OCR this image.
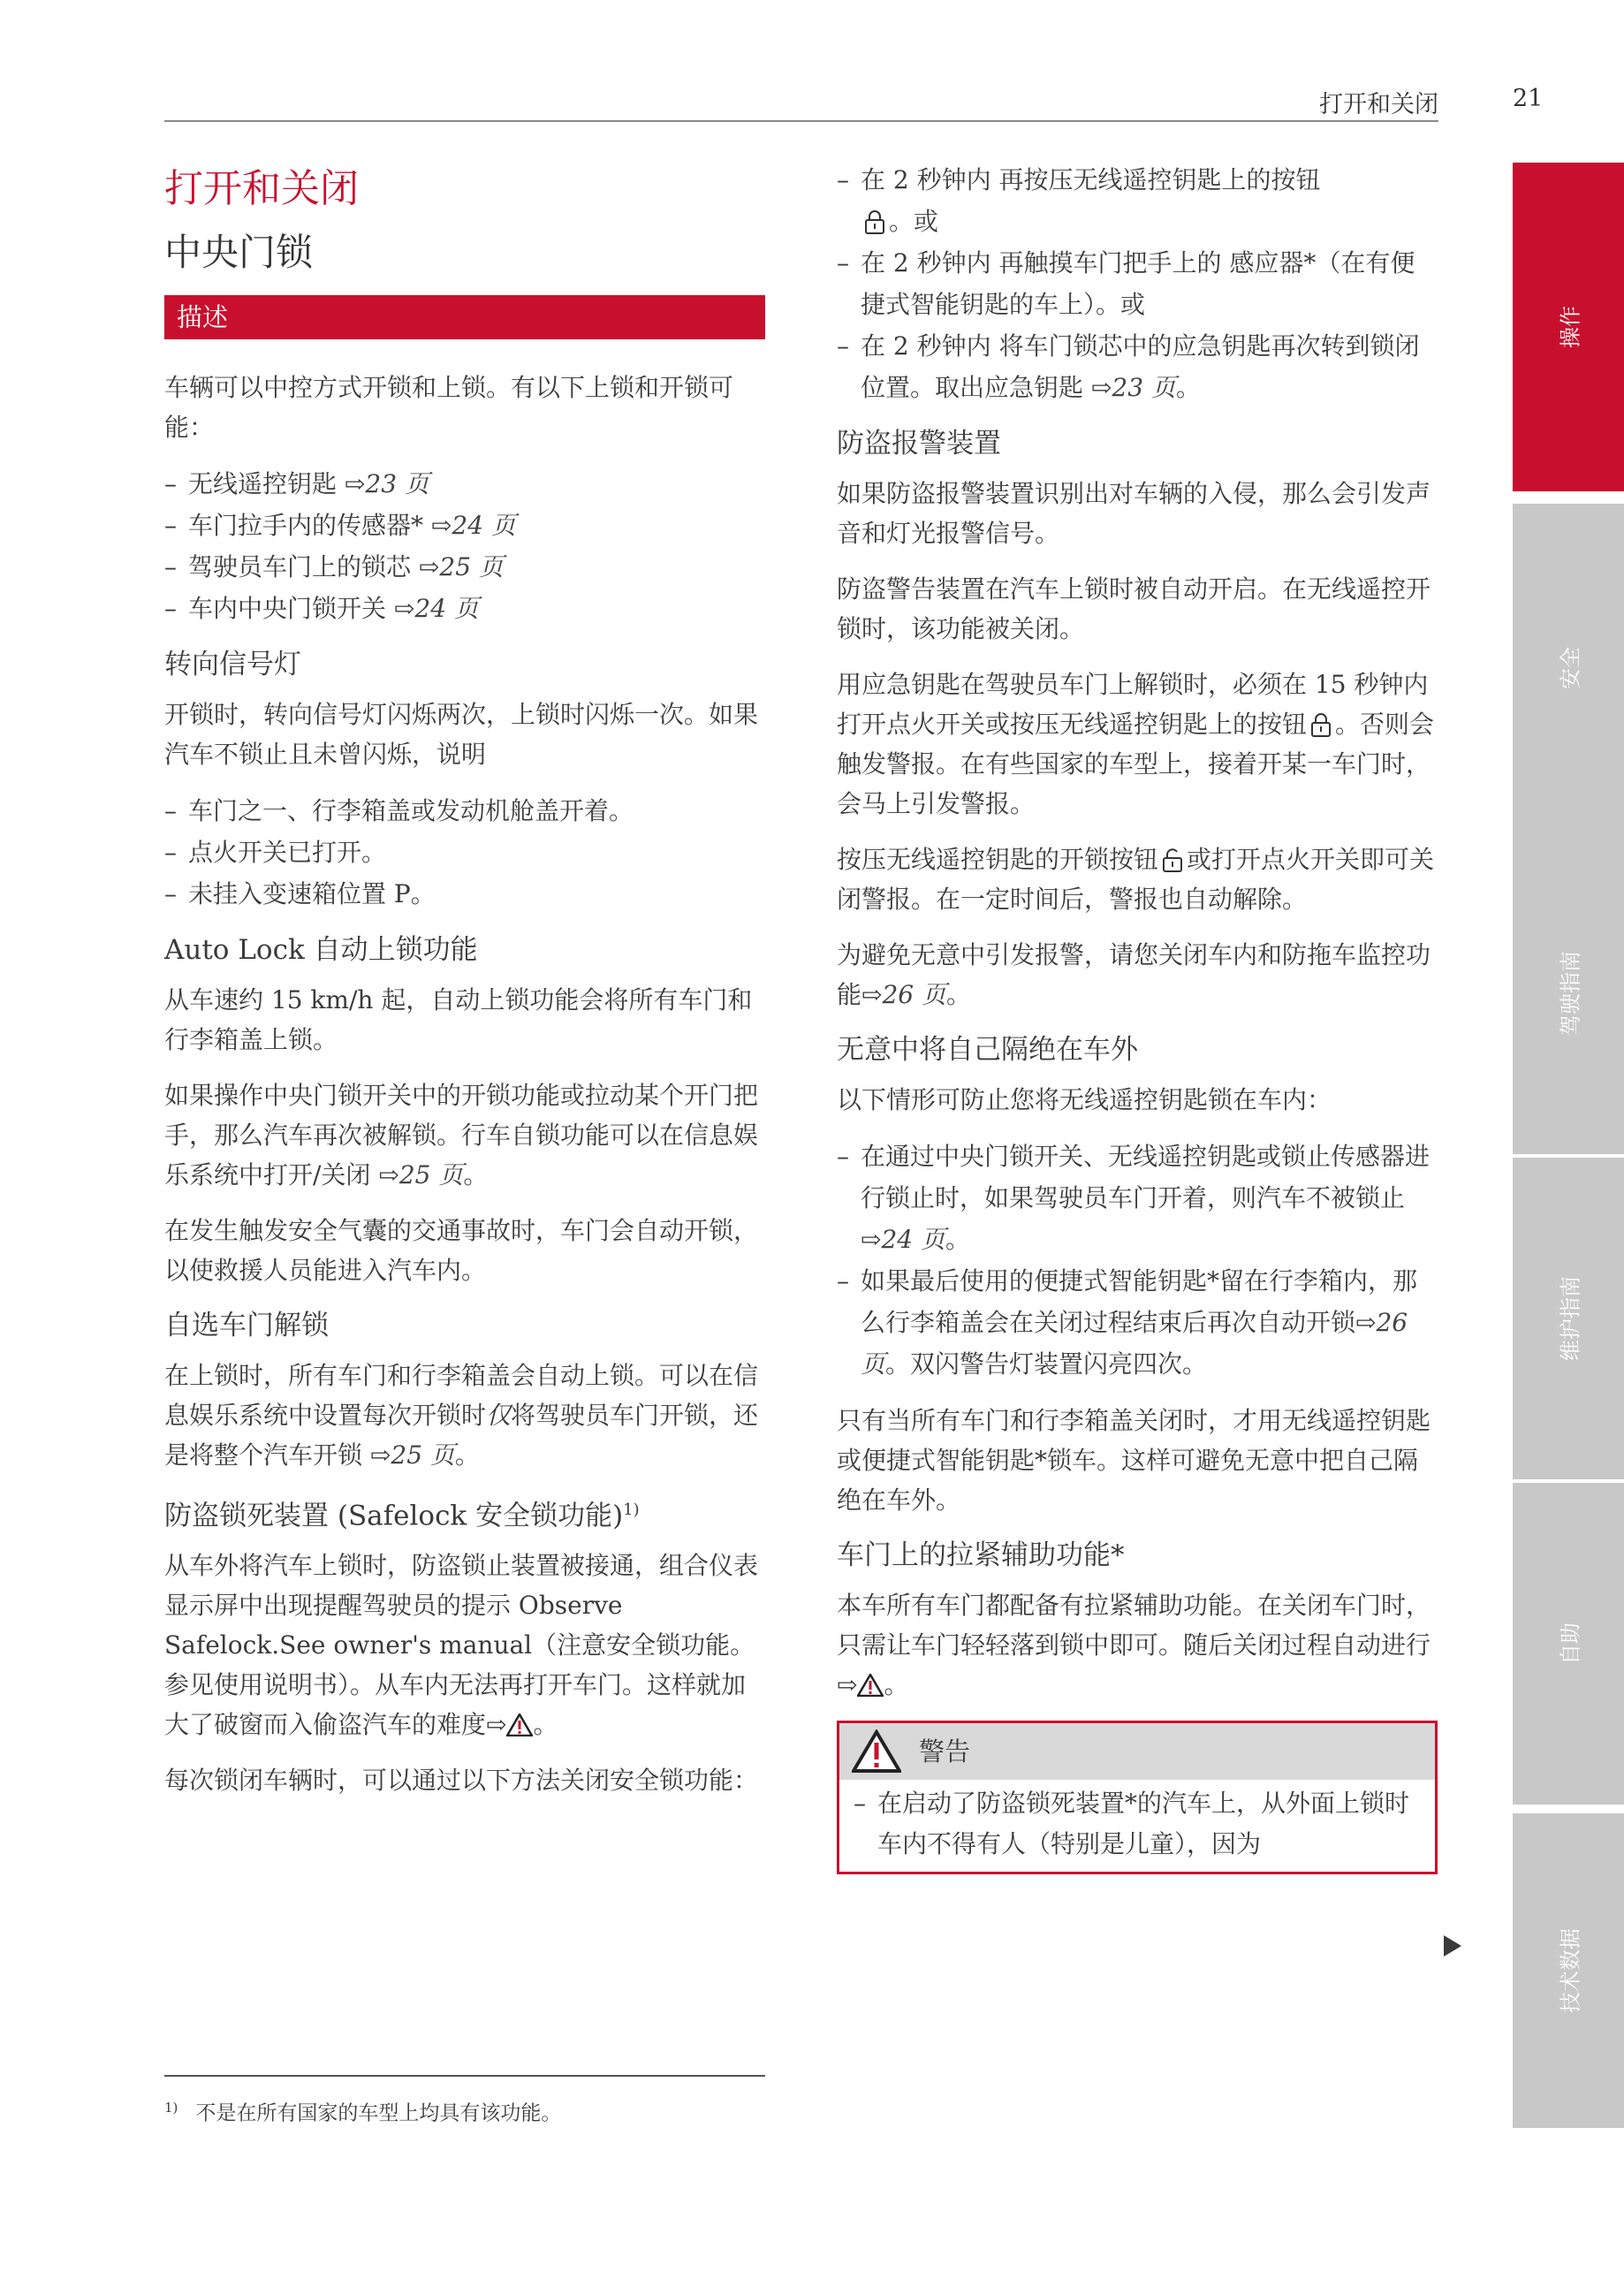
打开和关闭	21
打开和关闭
中央门锁
描述

车辆可以中控方式开锁和上锁。有以下上锁和开锁可能：

– 无线遥控钥匙 ⇨23 页
– 车门拉手内的传感器* ⇨24 页
– 驾驶员车门上的锁芯 ⇨25 页
– 车内中央门锁开关 ⇨24 页
转向信号灯

开锁时，转向信号灯闪烁两次，上锁时闪烁一次。如果汽车不锁止且未曾闪烁，说明

– 车门之一、行李箱盖或发动机舱盖开着。
– 点火开关已打开。
– 未挂入变速箱位置 P。
Auto Lock 自动上锁功能

从车速约 15 km/h 起，自动上锁功能会将所有车门和行李箱盖上锁。

如果操作中央门锁开关中的开锁功能或拉动某个开门把手，那么汽车再次被解锁。行车自锁功能可以在信息娱乐系统中打开/关闭 ⇨25 页。

在发生触发安全气囊的交通事故时，车门会自动开锁，以使救援人员能进入汽车内。

自选车门解锁

在上锁时，所有车门和行李箱盖会自动上锁。可以在信息娱乐系统中设置每次开锁时仅将驾驶员车门开锁，还是将整个汽车开锁 ⇨25 页。

防盗锁死装置 (Safelock 安全锁功能)$^{1)}$

从车外将汽车上锁时，防盗锁止装置被接通，组合仪表显示屏中出现提醒驾驶员的提示 Observe Safelock.See owner's manual（注意安全锁功能。参见使用说明书）。从车内无法再打开车门。这样就加大了破窗而入偷盗汽车的难度⇨ 。

每次锁闭车辆时，可以通过以下方法关闭安全锁功能：

– 在 2 秒钟内 再按压无线遥控钥匙上的按钮
。或
– 在 2 秒钟内 再触摸车门把手上的 感应器*（在有便捷式智能钥匙的车上）。或
– 在 2 秒钟内 将车门锁芯中的应急钥匙再次转到锁闭位置。取出应急钥匙 ⇨23 页。
防盗报警装置

如果防盗报警装置识别出对车辆的入侵，那么会引发声音和灯光报警信号。

防盗警告装置在汽车上锁时被自动开启。在无线遥控开锁时，该功能被关闭。

用应急钥匙在驾驶员车门上解锁时，必须在 15 秒钟内打开点火开关或按压无线遥控钥匙上的按钮 。否则会触发警报。在有些国家的车型上，接着开某一车门时，会马上引发警报。

按压无线遥控钥匙的开锁按钮 或打开点火开关即可关闭警报。在一定时间后，警报也自动解除。

为避免无意中引发报警，请您关闭车内和防拖车监控功能⇨26 页。

无意中将自己隔绝在车外

以下情形可防止您将无线遥控钥匙锁在车内：

– 在通过中央门锁开关、无线遥控钥匙或锁止传感器进行锁止时，如果驾驶员车门开着，则汽车不被锁止 ⇨24 页。
– 如果最后使用的便捷式智能钥匙*留在行李箱内，那么行李箱盖会在关闭过程结束后再次自动开锁⇨26 页。双闪警告灯装置闪亮四次。

只有当所有车门和行李箱盖关闭时，才用无线遥控钥匙或便捷式智能钥匙*锁车。这样可避免无意中把自己隔绝在车外。

车门上的拉紧辅助功能*

本车所有车门都配备有拉紧辅助功能。在关闭车门时，只需让车门轻轻落到锁中即可。随后关闭过程自动进行 ⇨ 。

警告
– 在启动了防盗锁死装置*的汽车上，从外面上锁时车内不得有人（特别是儿童），因为
$^{1)}$ 不是在所有国家的车型上均具有该功能。
操作
安全
驾驶指南
维护指南
自助
技术数据
